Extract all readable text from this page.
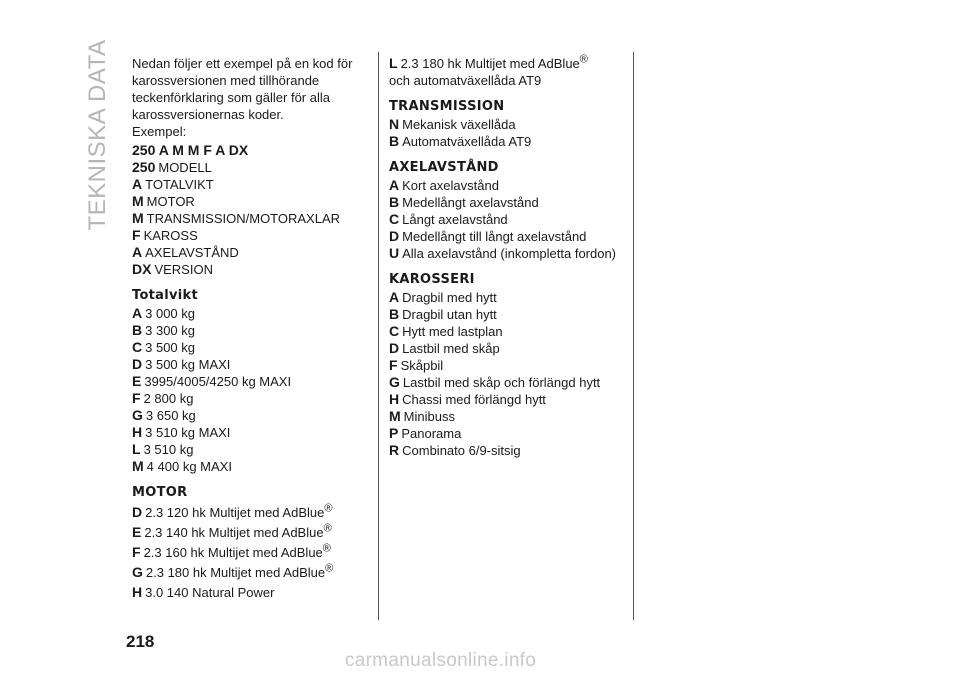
TEKNISKA DATA Nedan följer ett exempel på en kod för karossversionen med tillhörande teckenförklaring som gäller för alla karossversionernas koder.

Exempel:

250 A M M F A DX
250 MODELL
A TOTALVIKT
M MOTOR
M TRANSMISSION/MOTORAXLAR
F KAROSS
A AXELAVSTÅND
DX VERSION
Totalvikt
A 3 000 kg
B 3 300 kg
C 3 500 kg
D 3 500 kg MAXI
E 3995/4005/4250 kg MAXI
F 2 800 kg
G 3 650 kg
H 3 510 kg MAXI
L 3 510 kg
M 4 400 kg MAXI
MOTOR
D 2.3 120 hk Multijet med AdBlue®
E 2.3 140 hk Multijet med AdBlue®
F 2.3 160 hk Multijet med AdBlue®
G 2.3 180 hk Multijet med AdBlue®
H 3.0 140 Natural Power
L 2.3 180 hk Multijet med AdBlue®
och automatväxellåda AT9
TRANSMISSION
N Mekanisk växellåda
B Automatväxellåda AT9
AXELAVSTÅND
A Kort axelavstånd
B Medellångt axelavstånd
C Långt axelavstånd
D Medellångt till långt axelavstånd
U Alla axelavstånd (inkompletta fordon)
KAROSSERI
A Dragbil med hytt
B Dragbil utan hytt
C Hytt med lastplan
D Lastbil med skåp
F Skåpbil
G Lastbil med skåp och förlängd hytt
H Chassi med förlängd hytt
M Minibuss
P Panorama
R Combinato 6/9-sitsig
218
carmanualsonline.info
